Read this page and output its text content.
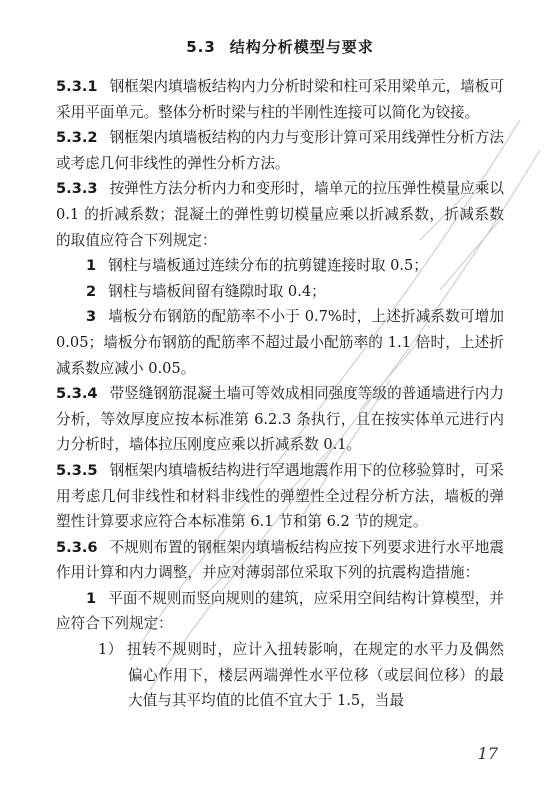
5.3 结构分析模型与要求

5.3.1 钢框架内填墙板结构内力分析时梁和柱可采用梁单元，墙板可采用平面单元。整体分析时梁与柱的半刚性连接可以简化为铰接。

5.3.2 钢框架内填墙板结构的内力与变形计算可采用线弹性分析方法或考虑几何非线性的弹性分析方法。

5.3.3 按弹性方法分析内力和变形时，墙单元的拉压弹性模量应乘以 0.1 的折减系数；混凝土的弹性剪切模量应乘以折减系数，折减系数的取值应符合下列规定：

1 钢柱与墙板通过连续分布的抗剪键连接时取 0.5；

2 钢柱与墙板间留有缝隙时取 0.4；

3 墙板分布钢筋的配筋率不小于 0.7%时，上述折减系数可增加 0.05；墙板分布钢筋的配筋率不超过最小配筋率的 1.1 倍时，上述折减系数应减小 0.05。

5.3.4 带竖缝钢筋混凝土墙可等效成相同强度等级的普通墙进行内力分析，等效厚度应按本标准第 6.2.3 条执行，且在按实体单元进行内力分析时，墙体拉压刚度应乘以折减系数 0.1。

5.3.5 钢框架内填墙板结构进行罕遇地震作用下的位移验算时，可采用考虑几何非线性和材料非线性的弹塑性全过程分析方法，墙板的弹塑性计算要求应符合本标准第 6.1 节和第 6.2 节的规定。

5.3.6 不规则布置的钢框架内填墙板结构应按下列要求进行水平地震作用计算和内力调整，并应对薄弱部位采取下列的抗震构造措施：

1 平面不规则而竖向规则的建筑，应采用空间结构计算模型，并应符合下列规定：

1） 扭转不规则时，应计入扭转影响，在规定的水平力及偶然偏心作用下，楼层两端弹性水平位移（或层间位移）的最大值与其平均值的比值不宜大于 1.5，当最

17
